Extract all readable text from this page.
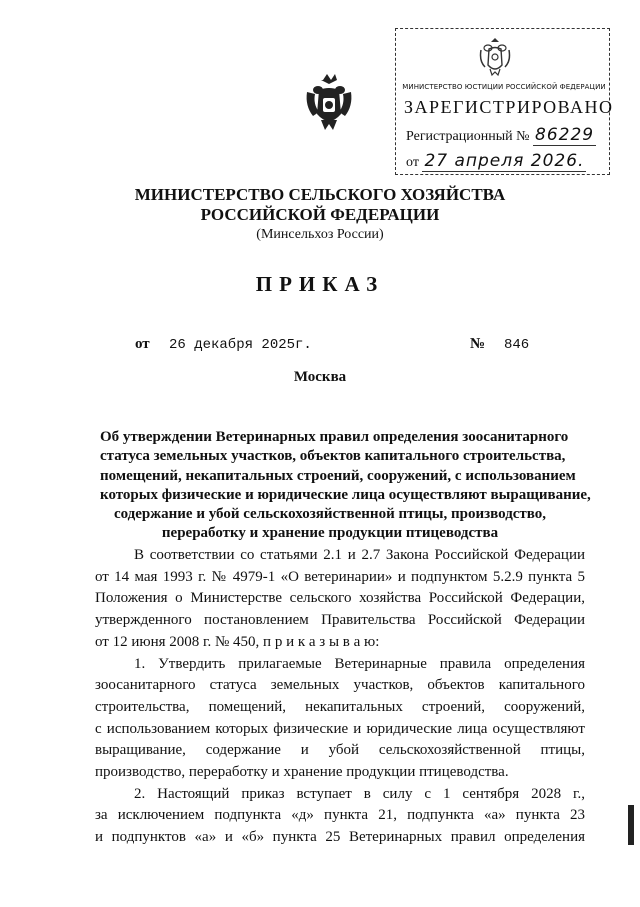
МИНИСТЕРСТВО ЮСТИЦИИ РОССИЙСКОЙ ФЕДЕРАЦИИ
ЗАРЕГИСТРИРОВАНО
Регистрационный № 86229
от 27 апреля 2026.
МИНИСТЕРСТВО СЕЛЬСКОГО ХОЗЯЙСТВА
РОССИЙСКОЙ ФЕДЕРАЦИИ
(Минсельхоз России)
ПРИКАЗ
от 26 декабря 2025г.	№ 846
Москва
Об утверждении Ветеринарных правил определения зоосанитарного
статуса земельных участков, объектов капитального строительства,
помещений, некапитальных строений, сооружений, с использованием
которых физические и юридические лица осуществляют выращивание,
содержание и убой сельскохозяйственной птицы, производство,
переработку и хранение продукции птицеводства
В соответствии со статьями 2.1 и 2.7 Закона Российской Федерации
от 14 мая 1993 г. № 4979-1 «О ветеринарии» и подпунктом 5.2.9 пункта 5
Положения о Министерстве сельского хозяйства Российской Федерации,
утвержденного постановлением Правительства Российской Федерации
от 12 июня 2008 г. № 450, п р и к а з ы в а ю:
1. Утвердить прилагаемые Ветеринарные правила определения
зоосанитарного статуса земельных участков, объектов капитального
строительства, помещений, некапитальных строений, сооружений,
с использованием которых физические и юридические лица осуществляют
выращивание, содержание и убой сельскохозяйственной птицы,
производство, переработку и хранение продукции птицеводства.
2. Настоящий приказ вступает в силу с 1 сентября 2028 г.,
за исключением подпункта «д» пункта 21, подпункта «а» пункта 23
и подпунктов «а» и «б» пункта 25 Ветеринарных правил определения
